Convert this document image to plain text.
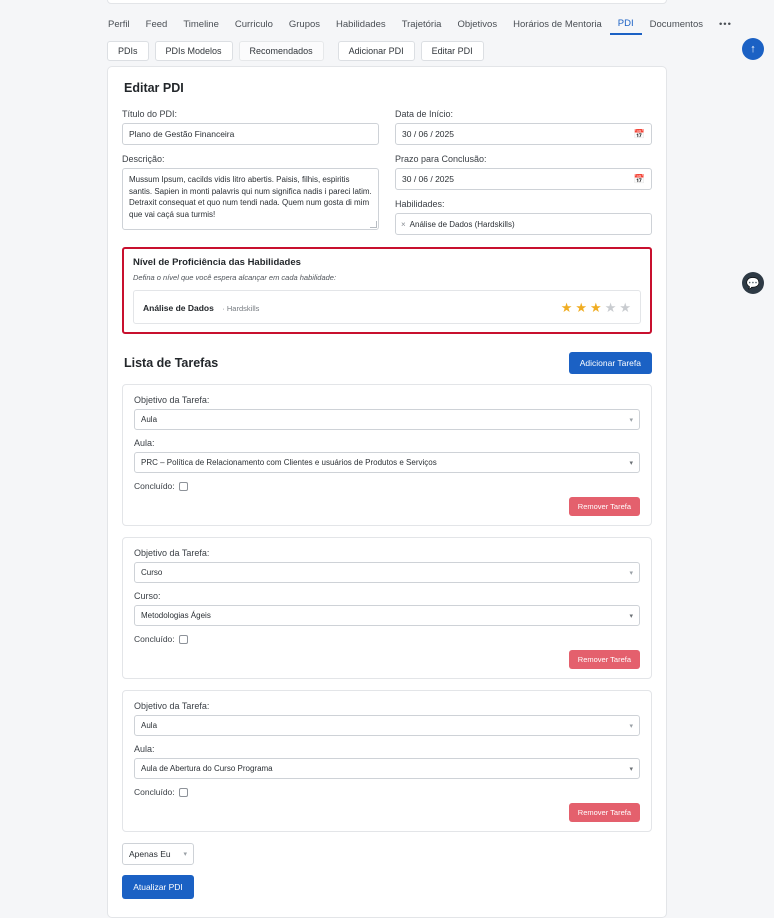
Perfil	Feed	Timeline	Curriculo	Grupos	Habilidades	Trajetória	Objetivos	Horários de Mentoria	PDI	Documentos	•••
PDIs	PDIs Modelos	Recomendados	Adicionar PDI	Editar PDI
Editar PDI
Título do PDI:
Plano de Gestão Financeira
Descrição:
Mussum Ipsum, cacilds vidis litro abertis. Paisis, filhis, espiritis santis. Sapien in monti palavris qui num significa nadis i pareci latim. Detraxit consequat et quo num tendi nada. Quem num gosta di mim que vai caçá sua turmis!
Data de Início:
30 / 06 / 2025	📅
Prazo para Conclusão:
30 / 06 / 2025	📅
Habilidades:
× Análise de Dados (Hardskills)
Nível de Proficiência das Habilidades
Defina o nível que você espera alcançar em cada habilidade:
Análise de Dados · Hardskills	★ ★ ★ ★ ★
Lista de Tarefas	Adicionar Tarefa
Objetivo da Tarefa:
Aula	▾
Aula:
PRC – Política de Relacionamento com Clientes e usuários de Produtos e Serviços	▾
Concluído:
Remover Tarefa
Objetivo da Tarefa:
Curso	▾
Curso:
Metodologias Ágeis	▾
Concluído:
Remover Tarefa
Objetivo da Tarefa:
Aula	▾
Aula:
Aula de Abertura do Curso Programa	▾
Concluído:
Remover Tarefa
Apenas Eu ▾
Atualizar PDI
↑
💬
